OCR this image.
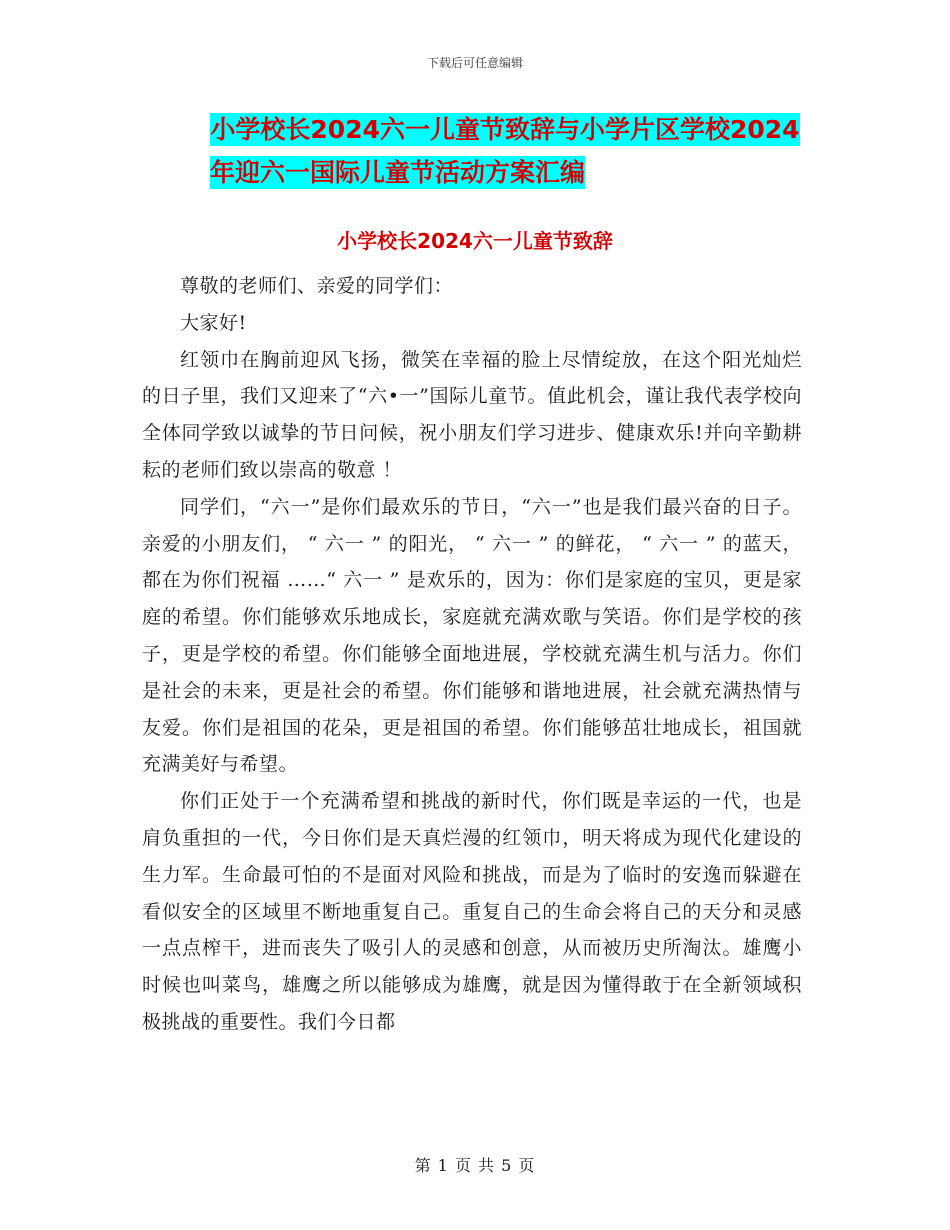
下载后可任意编辑
小学校长2024六一儿童节致辞与小学片区学校2024
年迎六一国际儿童节活动方案汇编
小学校长2024六一儿童节致辞

尊敬的老师们、亲爱的同学们：

大家好!

红领巾在胸前迎风飞扬，微笑在幸福的脸上尽情绽放，在这个阳光灿烂的日子里，我们又迎来了“六•一”国际儿童节。值此机会，谨让我代表学校向全体同学致以诚挚的节日问候，祝小朋友们学习进步、健康欢乐!并向辛勤耕耘的老师们致以崇高的敬意 ！

同学们，“六一”是你们最欢乐的节日，“六一”也是我们最兴奋的日子。亲爱的小朋友们， “ 六一 ” 的阳光， “ 六一 ” 的鲜花， “ 六一 ” 的蓝天，都在为你们祝福 ……“ 六一 ” 是欢乐的，因为：你们是家庭的宝贝，更是家庭的希望。你们能够欢乐地成长，家庭就充满欢歌与笑语。你们是学校的孩子，更是学校的希望。你们能够全面地进展，学校就充满生机与活力。你们是社会的未来，更是社会的希望。你们能够和谐地进展，社会就充满热情与友爱。你们是祖国的花朵，更是祖国的希望。你们能够茁壮地成长，祖国就充满美好与希望。

你们正处于一个充满希望和挑战的新时代，你们既是幸运的一代，也是肩负重担的一代，今日你们是天真烂漫的红领巾，明天将成为现代化建设的生力军。生命最可怕的不是面对风险和挑战，而是为了临时的安逸而躲避在看似安全的区域里不断地重复自己。重复自己的生命会将自己的天分和灵感一点点榨干，进而丧失了吸引人的灵感和创意，从而被历史所淘汰。雄鹰小时候也叫菜鸟，雄鹰之所以能够成为雄鹰，就是因为懂得敢于在全新领域积极挑战的重要性。我们今日都

第 1 页 共 5 页
